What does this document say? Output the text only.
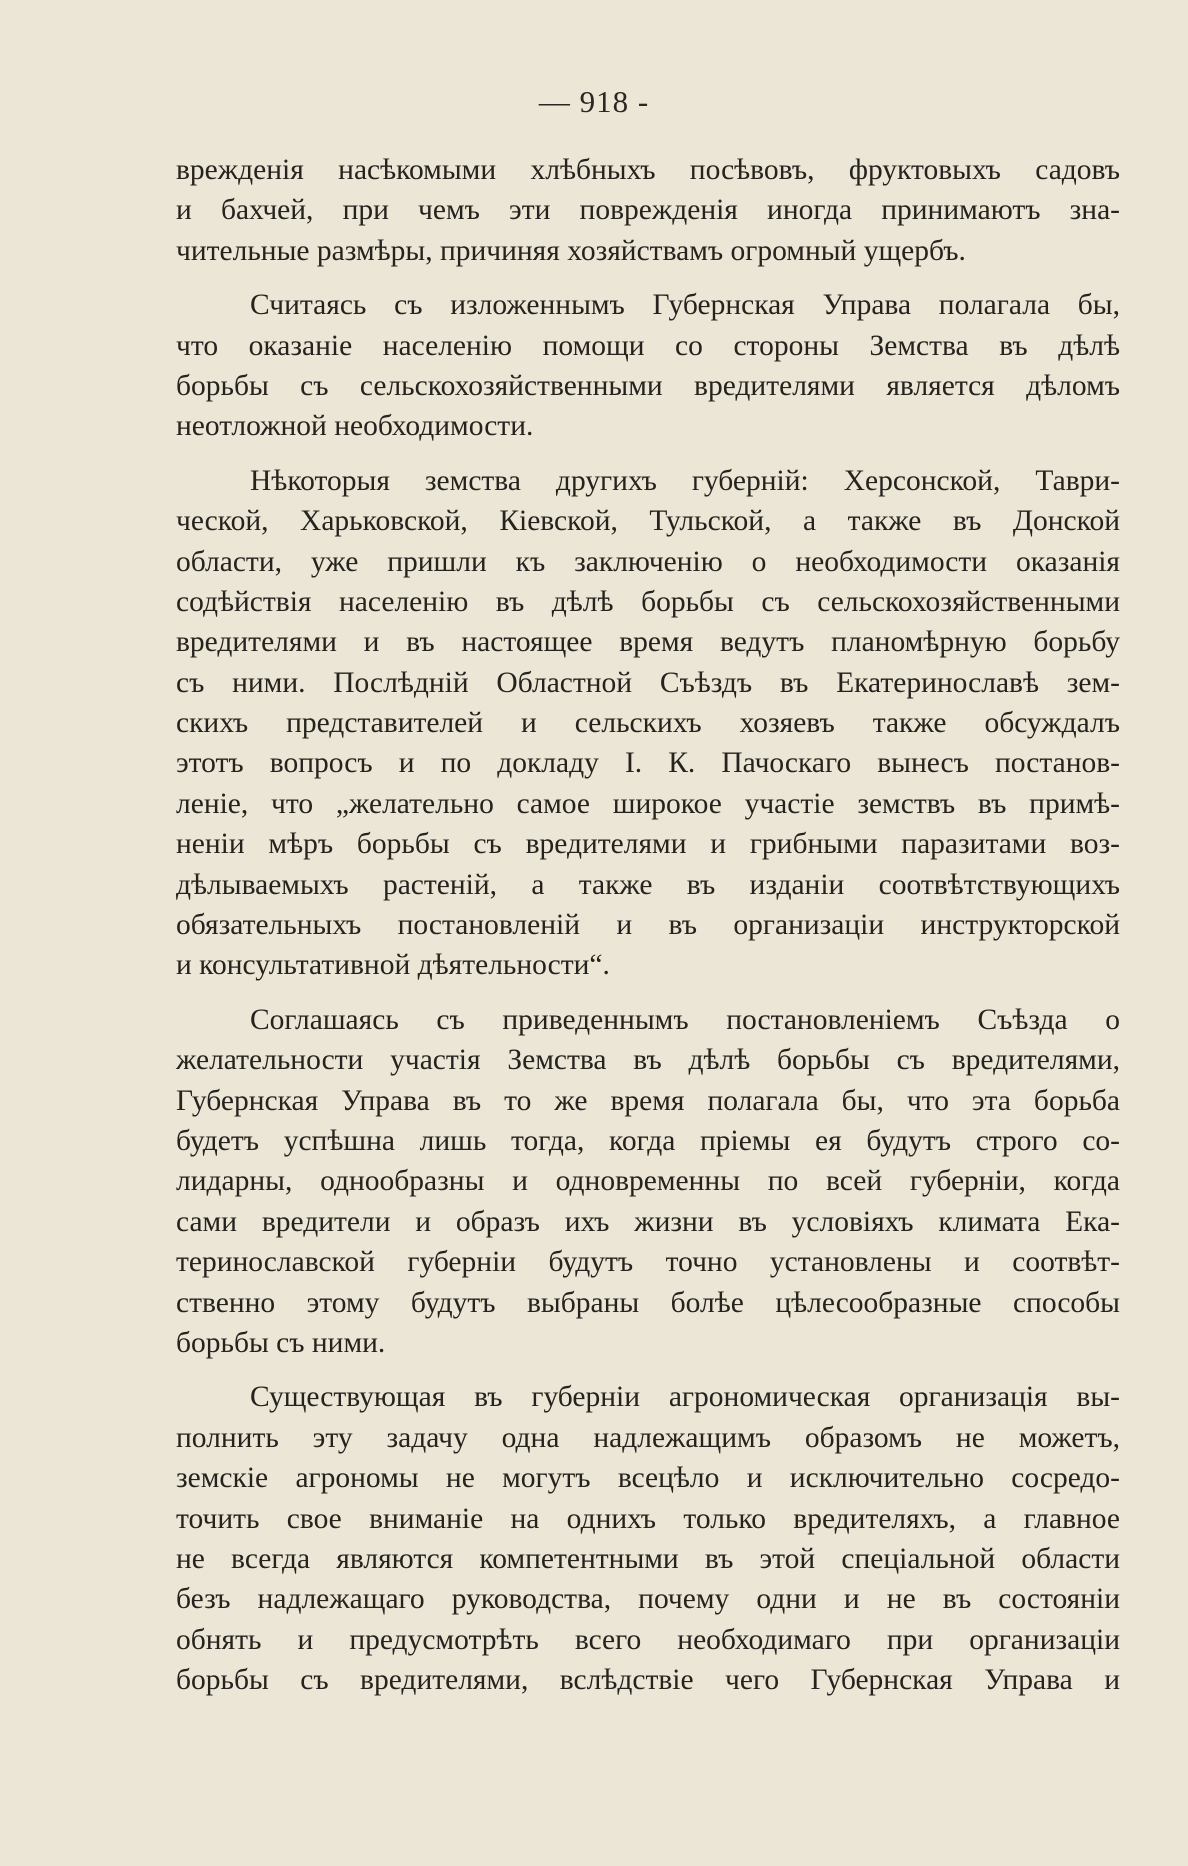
— 918 -
врежденія насѣкомыми хлѣбныхъ посѣвовъ, фруктовыхъ садовъ
и бахчей, при чемъ эти поврежденія иногда принимаютъ зна-
чительные размѣры, причиняя хозяйствамъ огромный ущербъ.
Считаясь съ изложеннымъ Губернская Управа полагала бы,
что оказаніе населенію помощи со стороны Земства въ дѣлѣ
борьбы съ сельскохозяйственными вредителями является дѣломъ
неотложной необходимости.
Нѣкоторыя земства другихъ губерній: Херсонской, Таври-
ческой, Харьковской, Кіевской, Тульской, а также въ Донской
области, уже пришли къ заключенію о необходимости оказанія
содѣйствія населенію въ дѣлѣ борьбы съ сельскохозяйственными
вредителями и въ настоящее время ведутъ планомѣрную борьбу
съ ними. Послѣдній Областной Съѣздъ въ Екатеринославѣ зем-
скихъ представителей и сельскихъ хозяевъ также обсуждалъ
этотъ вопросъ и по докладу І. К. Пачоскаго вынесъ постанов-
леніе, что „желательно самое широкое участіе земствъ въ примѣ-
неніи мѣръ борьбы съ вредителями и грибными паразитами воз-
дѣлываемыхъ растеній, а также въ изданіи соотвѣтствующихъ
обязательныхъ постановленій и въ организаціи инструкторской
и консультативной дѣятельности“.
Соглашаясь съ приведеннымъ постановленіемъ Съѣзда о
желательности участія Земства въ дѣлѣ борьбы съ вредителями,
Губернская Управа въ то же время полагала бы, что эта борьба
будетъ успѣшна лишь тогда, когда пріемы ея будутъ строго со-
лидарны, однообразны и одновременны по всей губерніи, когда
сами вредители и образъ ихъ жизни въ условіяхъ климата Ека-
теринославской губерніи будутъ точно установлены и соотвѣт-
ственно этому будутъ выбраны болѣе цѣлесообразные способы
борьбы съ ними.
Существующая въ губерніи агрономическая организація вы-
полнить эту задачу одна надлежащимъ образомъ не можетъ,
земскіе агрономы не могутъ всецѣло и исключительно сосредо-
точить свое вниманіе на однихъ только вредителяхъ, а главное
не всегда являются компетентными въ этой спеціальной области
безъ надлежащаго руководства, почему одни и не въ состояніи
обнять и предусмотрѣть всего необходимаго при организаціи
борьбы съ вредителями, вслѣдствіе чего Губернская Управа и
